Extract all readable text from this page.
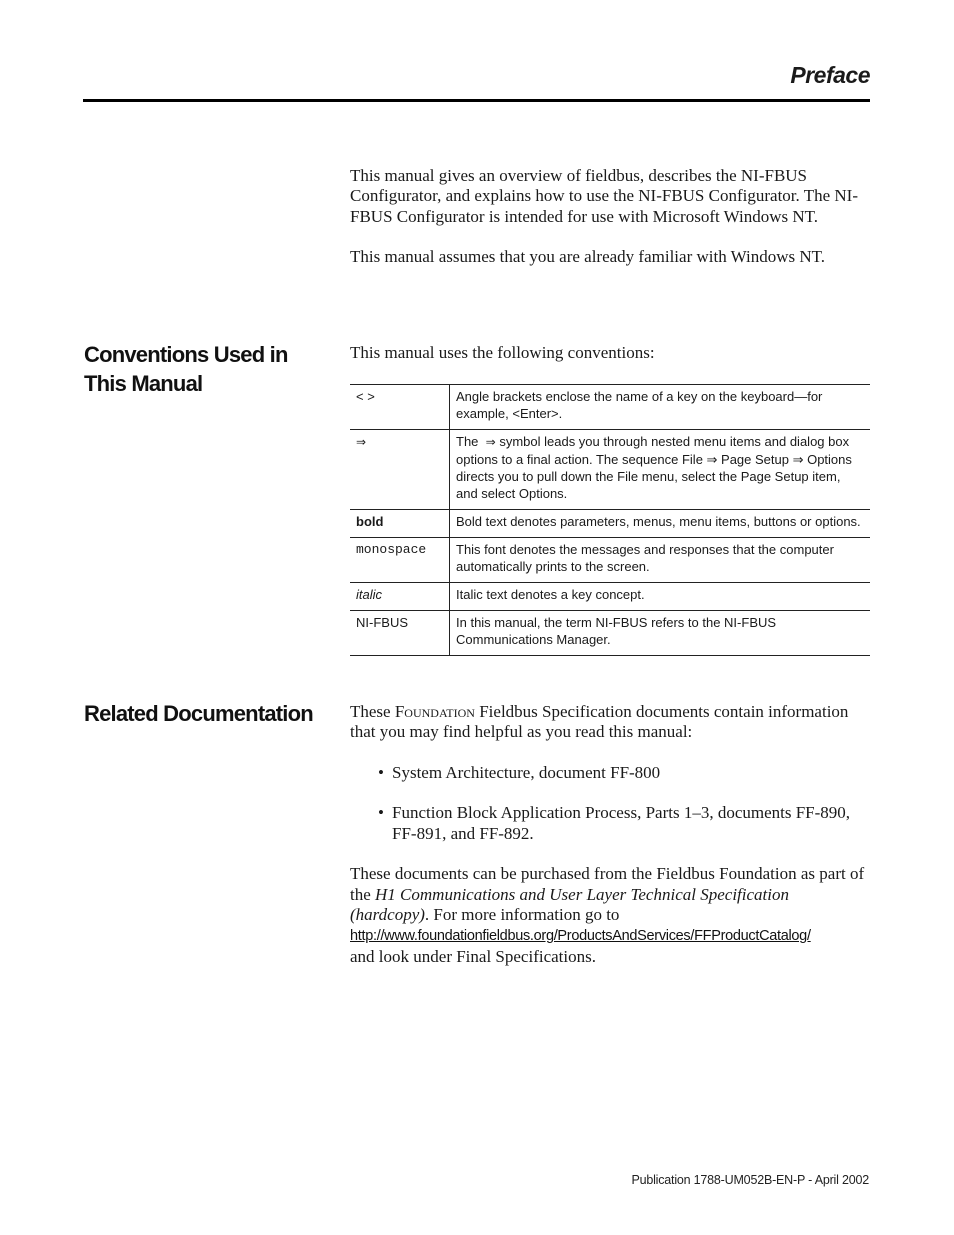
Preface

This manual gives an overview of fieldbus, describes the NI-FBUS Configurator, and explains how to use the NI-FBUS Configurator. The NI-FBUS Configurator is intended for use with Microsoft Windows NT.

This manual assumes that you are already familiar with Windows NT.

Conventions Used in This Manual

This manual uses the following conventions:

< >	Angle brackets enclose the name of a key on the keyboard—for example, <Enter>.
⇒	The ⇒ symbol leads you through nested menu items and dialog box options to a final action. The sequence File ⇒ Page Setup ⇒ Options directs you to pull down the File menu, select the Page Setup item, and select Options.
bold	Bold text denotes parameters, menus, menu items, buttons or options.
monospace	This font denotes the messages and responses that the computer automatically prints to the screen.
italic	Italic text denotes a key concept.
NI-FBUS	In this manual, the term NI-FBUS refers to the NI-FBUS Communications Manager.
Related Documentation	These Foundation Fieldbus Specification documents contain information that you may find helpful as you read this manual:

• System Architecture, document FF-800
• Function Block Application Process, Parts 1–3, documents FF-890, FF-891, and FF-892.

These documents can be purchased from the Fieldbus Foundation as part of the H1 Communications and User Layer Technical Specification (hardcopy). For more information go to
http://www.foundationfieldbus.org/ProductsAndServices/FFProductCatalog/
and look under Final Specifications.

Publication 1788-UM052B-EN-P - April 2002
